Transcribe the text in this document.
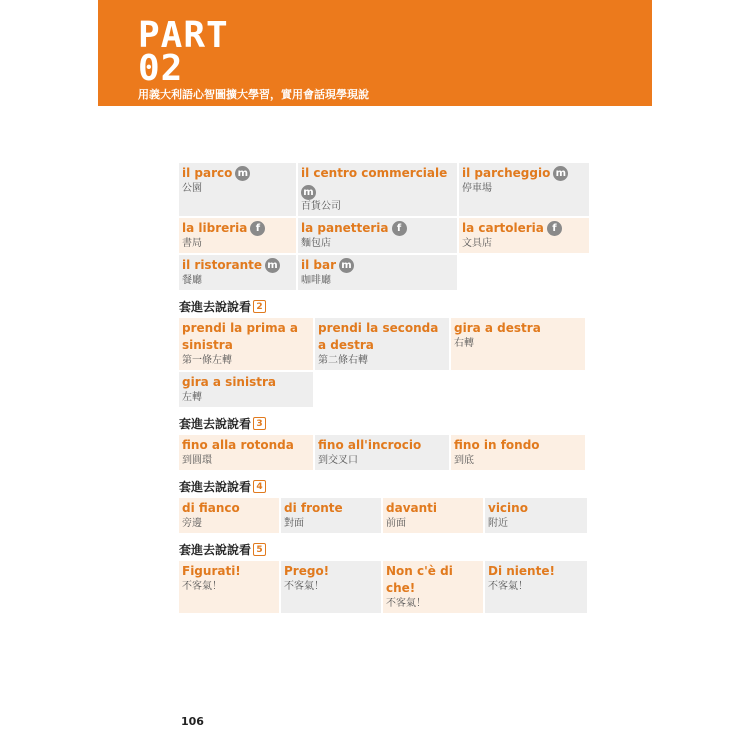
PART
02
用義大利語心智圖擴大學習，實用會話現學現說
il parco m
公園
il centro commerciale
m
百貨公司
il parcheggio m
停車場
la libreria f
書局
la panetteria f
麵包店
la cartoleria f
文具店
il ristorante m
餐廳
il bar m
咖啡廳
套進去說說看 2
prendi la prima a sinistra
第一條左轉
prendi la seconda a destra
第二條右轉
gira a destra
右轉
gira a sinistra
左轉
套進去說說看 3
fino alla rotonda
到圓環
fino all'incrocio
到交叉口
fino in fondo
到底
套進去說說看 4
di fianco
旁邊
di fronte
對面
davanti
前面
vicino
附近
套進去說說看 5
Figurati!
不客氣！
Prego!
不客氣！
Non c'è di che!
不客氣！
Di niente!
不客氣！
106
